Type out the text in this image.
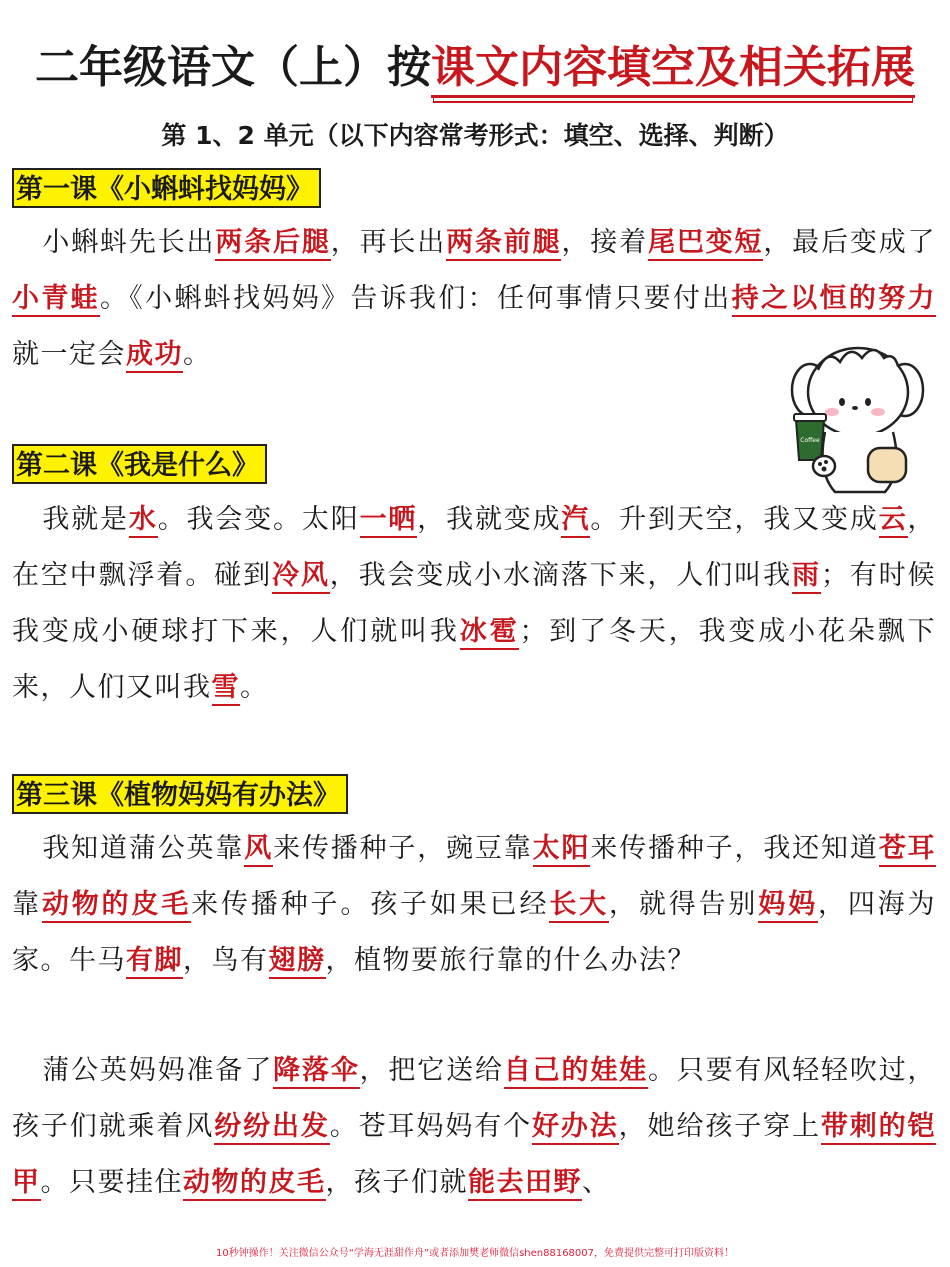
二年级语文（上）按课文内容填空及相关拓展
第 1、2 单元（以下内容常考形式：填空、选择、判断）
第一课《小蝌蚪找妈妈》
小蝌蚪先长出两条后腿，再长出两条前腿，接着尾巴变短，最后变成了小青蛙。《小蝌蚪找妈妈》告诉我们：任何事情只要付出持之以恒的努力就一定会成功。
Coffee
第二课《我是什么》
我就是水。我会变。太阳一晒，我就变成汽。升到天空，我又变成云，在空中飘浮着。碰到冷风，我会变成小水滴落下来，人们叫我雨；有时候我变成小硬球打下来，人们就叫我冰雹；到了冬天，我变成小花朵飘下来，人们又叫我雪。
第三课《植物妈妈有办法》
我知道蒲公英靠风来传播种子，豌豆靠太阳来传播种子，我还知道苍耳靠动物的皮毛来传播种子。孩子如果已经长大，就得告别妈妈，四海为家。牛马有脚，鸟有翅膀，植物要旅行靠的什么办法？
蒲公英妈妈准备了降落伞，把它送给自己的娃娃。只要有风轻轻吹过，孩子们就乘着风纷纷出发。苍耳妈妈有个好办法，她给孩子穿上带刺的铠甲。只要挂住动物的皮毛，孩子们就能去田野、
10秒钟操作！关注微信公众号“学海无涯甜作舟”或者添加樊老师微信shen88168007，免费提供完整可打印版资料！
